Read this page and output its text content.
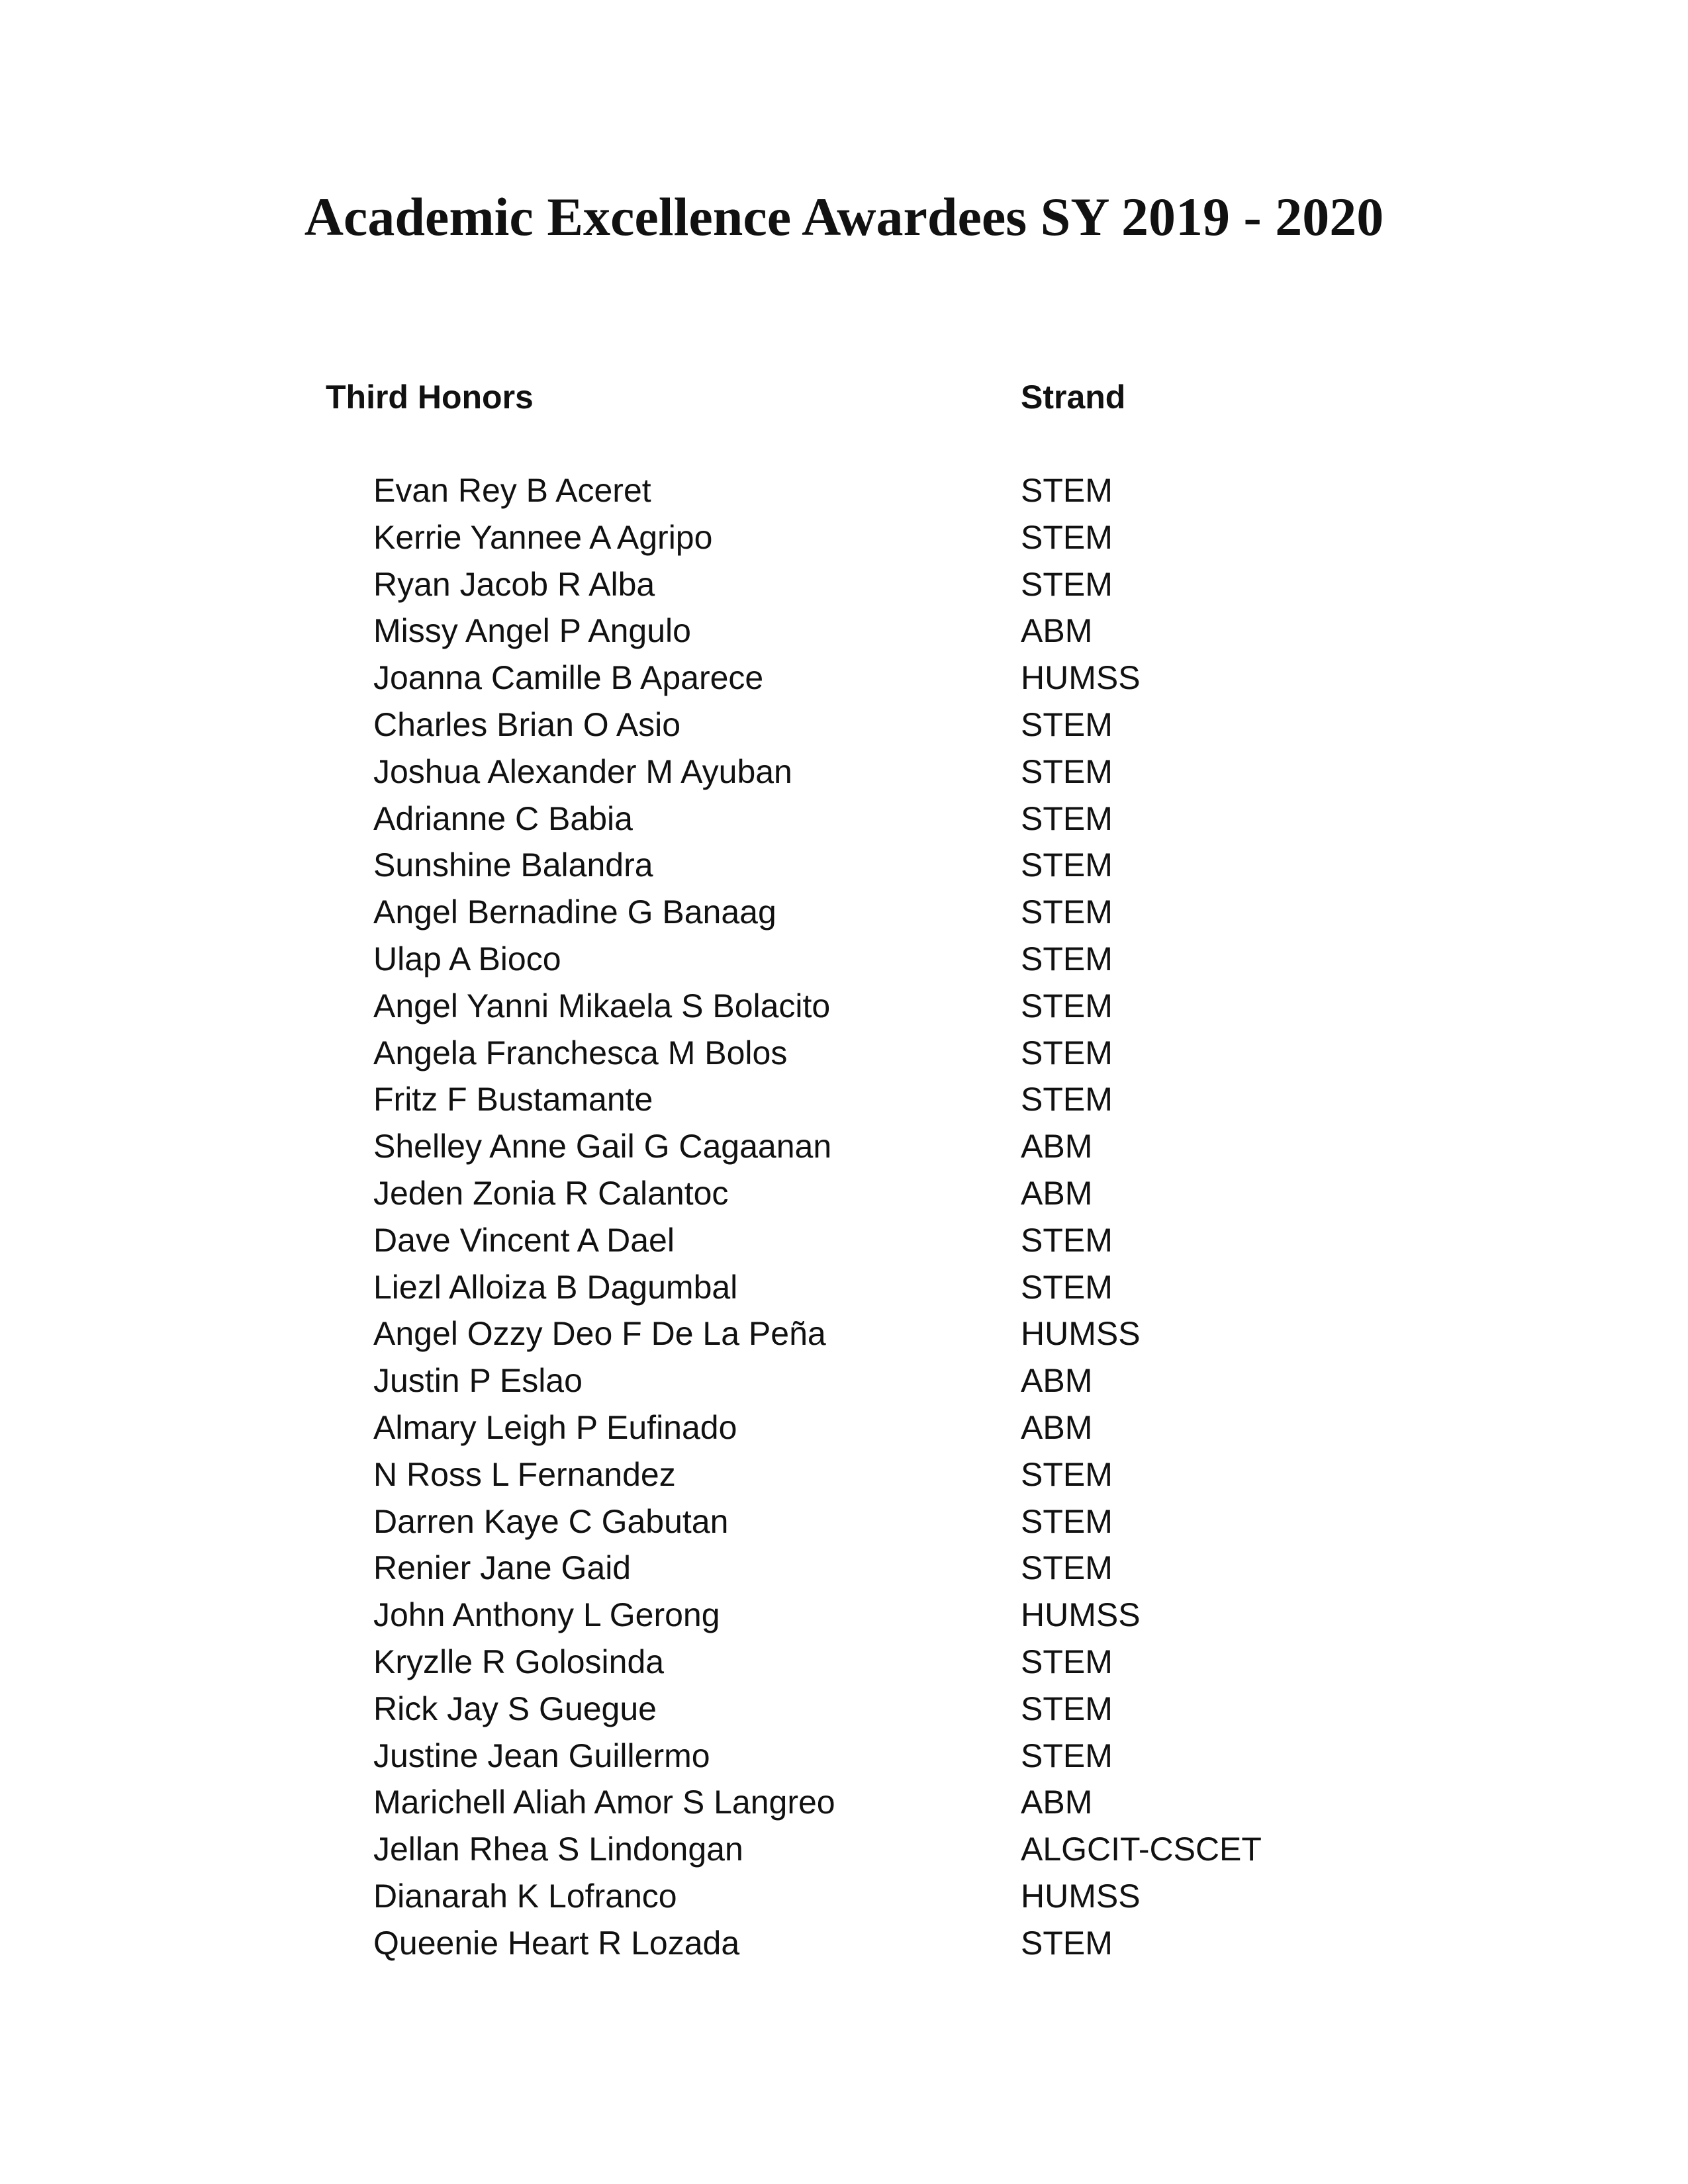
Academic Excellence Awardees SY 2019 - 2020
Third Honors	Strand
Evan Rey B Aceret	STEM
Kerrie Yannee A Agripo	STEM
Ryan Jacob R Alba	STEM
Missy Angel P Angulo	ABM
Joanna Camille B Aparece	HUMSS
Charles Brian O Asio	STEM
Joshua Alexander M Ayuban	STEM
Adrianne C Babia	STEM
Sunshine Balandra	STEM
Angel Bernadine G Banaag	STEM
Ulap A Bioco	STEM
Angel Yanni Mikaela S Bolacito	STEM
Angela Franchesca M Bolos	STEM
Fritz F Bustamante	STEM
Shelley Anne Gail G Cagaanan	ABM
Jeden Zonia R Calantoc	ABM
Dave Vincent A Dael	STEM
Liezl Alloiza B Dagumbal	STEM
Angel Ozzy Deo F De La Peña	HUMSS
Justin P Eslao	ABM
Almary Leigh P Eufinado	ABM
N Ross L Fernandez	STEM
Darren Kaye C Gabutan	STEM
Renier Jane Gaid	STEM
John Anthony L Gerong	HUMSS
Kryzlle R Golosinda	STEM
Rick Jay S Guegue	STEM
Justine Jean Guillermo	STEM
Marichell Aliah Amor S Langreo	ABM
Jellan Rhea S Lindongan	ALGCIT-CSCET
Dianarah K Lofranco	HUMSS
Queenie Heart R Lozada	STEM
